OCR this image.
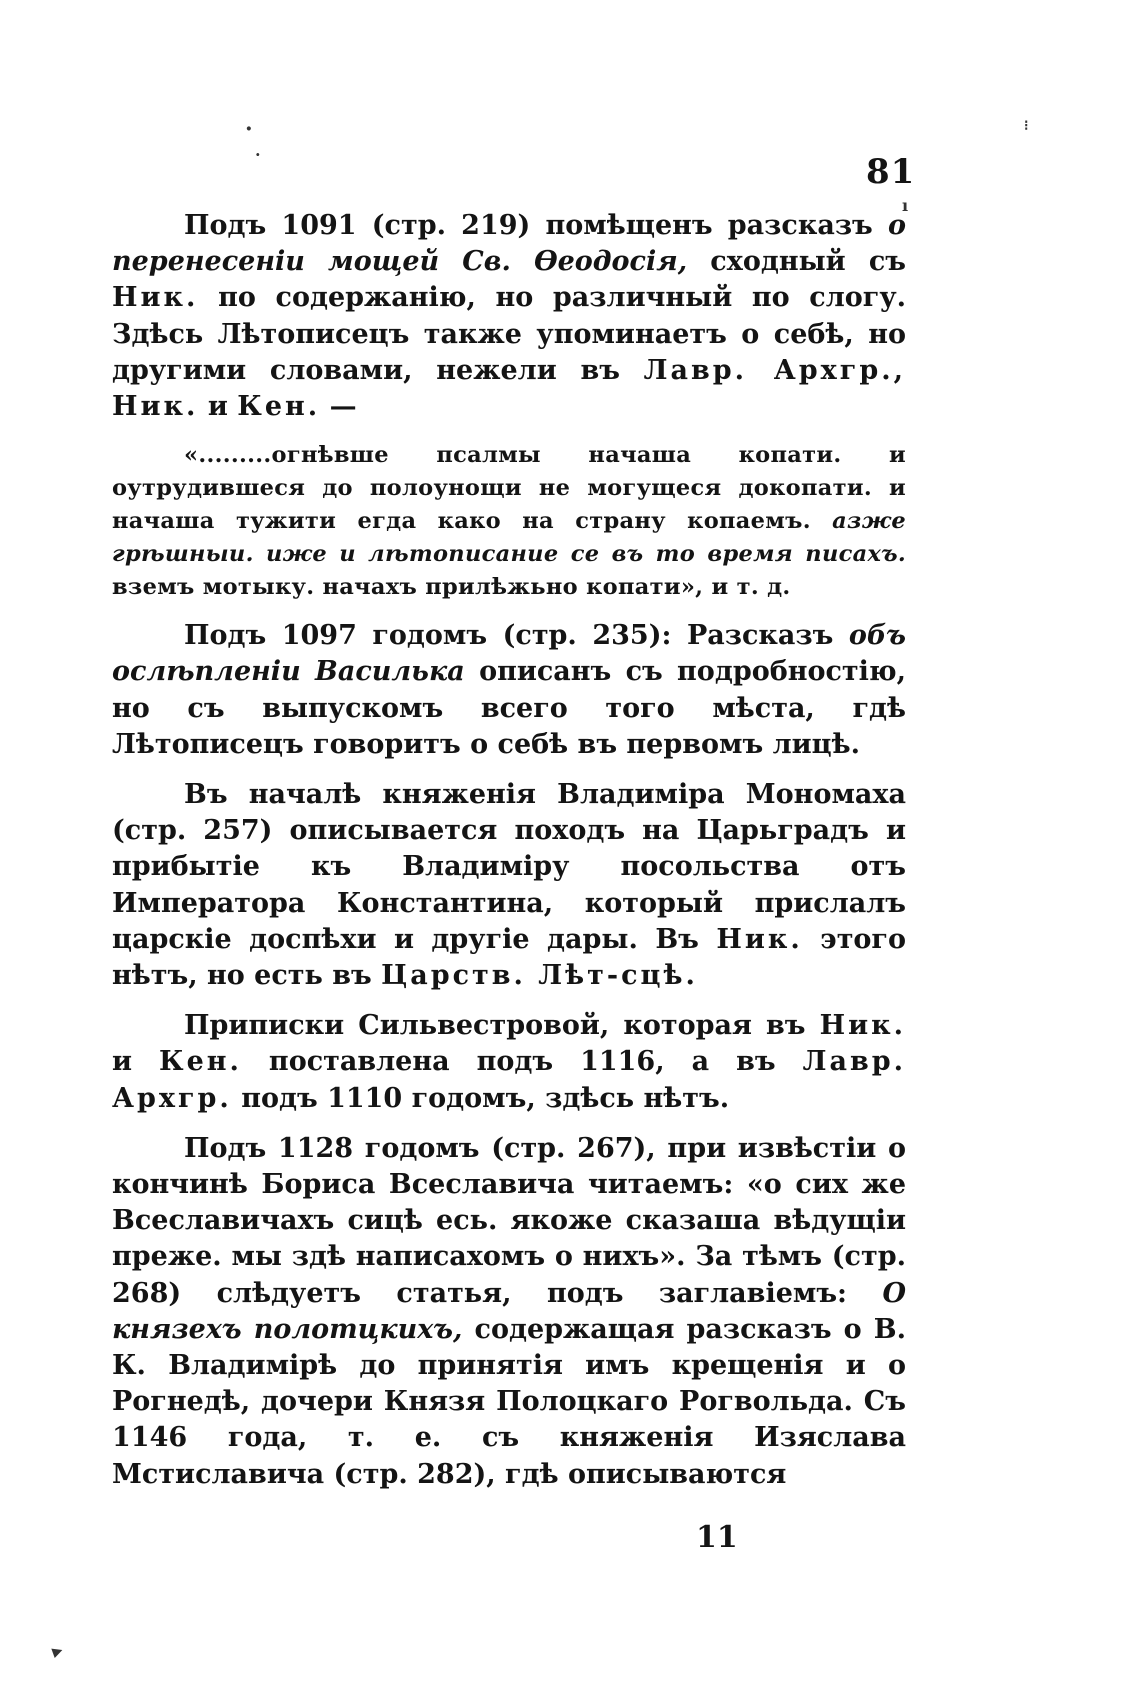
81
·
·
⁝
ı
▸

Подъ 1091 (стр. 219) помѣщенъ разсказъ о перенесеніи мощей Св. Ѳеодосія, сходный съ Ник. по содержанію, но различный по слогу. Здѣсь Лѣтописецъ также упоминаетъ о себѣ, но другими словами, нежели въ Лавр. Архгр., Ник. и Кен. —

«.........огнѣвше псалмы начаша копати. и оутрудившеся до полоунощи не могущеся докопати. и начаша тужити егда како на страну копаемъ. азже грѣшныи. иже и лѣтописание се въ то время писахъ. вземъ мотыку. начахъ прилѣжьно копати», и т. д.

Подъ 1097 годомъ (стр. 235): Разсказъ объ ослѣпленіи Василька описанъ съ подробностію, но съ выпускомъ всего того мѣста, гдѣ Лѣтописецъ говоритъ о себѣ въ первомъ лицѣ.

Въ началѣ княженія Владиміра Мономаха (стр. 257) описывается походъ на Царьградъ и прибытіе къ Владиміру посольства отъ Императора Константина, который прислалъ царскіе доспѣхи и другіе дары. Въ Ник. этого нѣтъ, но есть въ Царств. Лѣт-сцѣ.

Приписки Сильвестровой, которая въ Ник. и Кен. поставлена подъ 1116, а въ Лавр. Архгр. подъ 1110 годомъ, здѣсь нѣтъ.

Подъ 1128 годомъ (стр. 267), при извѣстіи о кончинѣ Бориса Всеславича читаемъ: «о сих же Всеславичахъ сицѣ есь. якоже сказаша вѣдущіи преже. мы здѣ написахомъ о нихъ». За тѣмъ (стр. 268) слѣдуетъ статья, подъ заглавіемъ: О князехъ полотцкихъ, содержащая разсказъ о В. К. Владимірѣ до принятія имъ крещенія и о Рогнедѣ, дочери Князя Полоцкаго Рогвольда. Съ 1146 года, т. е. съ княженія Изяслава Мстиславича (стр. 282), гдѣ описываются

11
